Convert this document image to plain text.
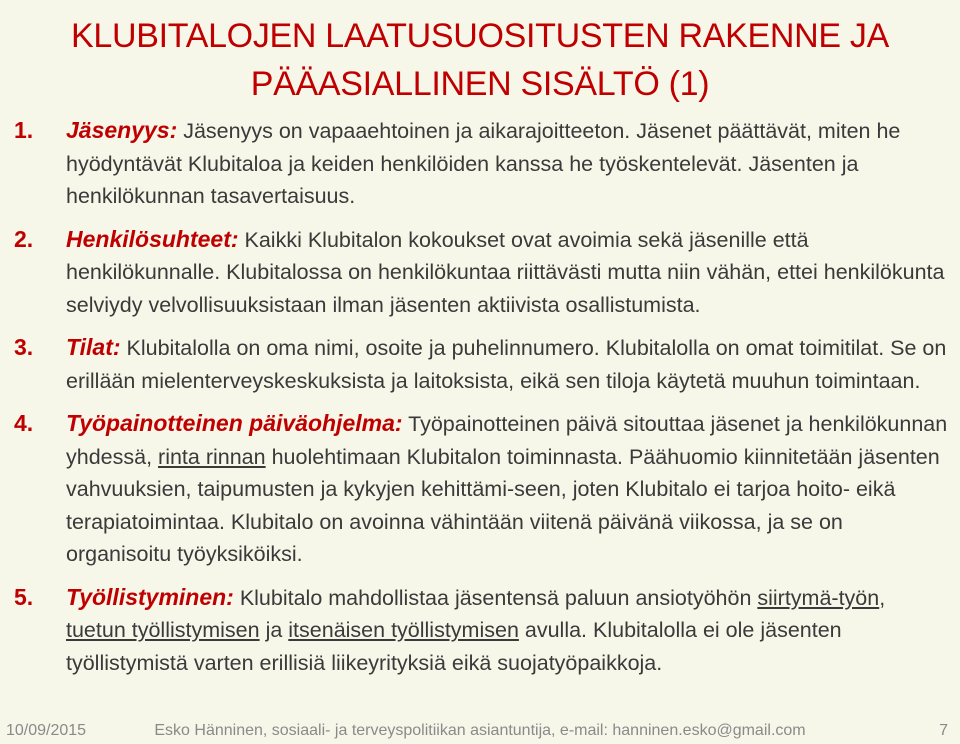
KLUBITALOJEN LAATUSUOSITUSTEN RAKENNE JA
PÄÄASIALLINEN SISÄLTÖ (1)
1. Jäsenyys: Jäsenyys on vapaaehtoinen ja aikarajoitteeton. Jäsenet päättävät, miten he hyödyntävät Klubitaloa ja keiden henkilöiden kanssa he työskentelevät. Jäsenten ja henkilökunnan tasavertaisuus.
2. Henkilösuhteet: Kaikki Klubitalon kokoukset ovat avoimia sekä jäsenille että henkilökunnalle. Klubitalossa on henkilökuntaa riittävästi mutta niin vähän, ettei henkilökunta selviydy velvollisuuksistaan ilman jäsenten aktiivista osallistumista.
3. Tilat: Klubitalolla on oma nimi, osoite ja puhelinnumero. Klubitalolla on omat toimitilat. Se on erillään mielenterveyskeskuksista ja laitoksista, eikä sen tiloja käytetä muuhun toimintaan.
4. Työpainotteinen päiväohjelma: Työpainotteinen päivä sitouttaa jäsenet ja henkilökunnan yhdessä, rinta rinnan huolehtimaan Klubitalon toiminnasta. Päähuomio kiinnitetään jäsenten vahvuuksien, taipumusten ja kykyjen kehittämi-seen, joten Klubitalo ei tarjoa hoito- eikä terapiatoimintaa. Klubitalo on avoinna vähintään viitenä päivänä viikossa, ja se on organisoitu työyksiköiksi.
5. Työllistyminen: Klubitalo mahdollistaa jäsentensä paluun ansiotyöhön siirtymä-työn, tuetun työllistymisen ja itsenäisen työllistymisen avulla. Klubitalolla ei ole jäsenten työllistymistä varten erillisiä liikeyrityksiä eikä suojatyöpaikkoja.
10/09/2015	Esko Hänninen, sosiaali- ja terveyspolitiikan asiantuntija, e-mail: hanninen.esko@gmail.com	7
